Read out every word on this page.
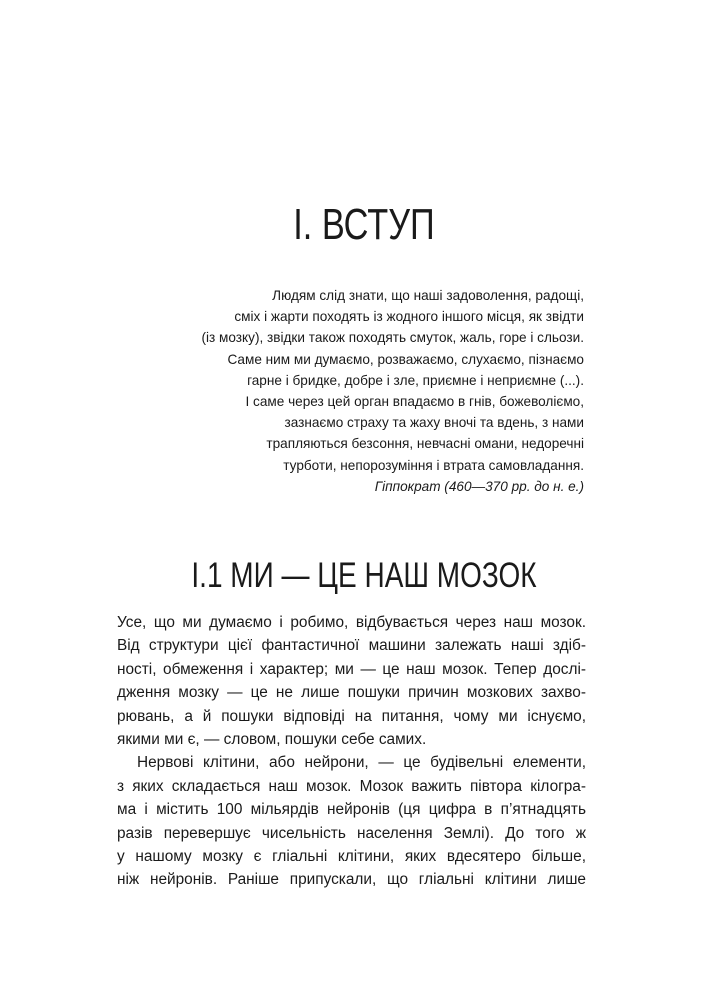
I. ВСТУП
Людям слід знати, що наші задоволення, радощі,
сміх і жарти походять із жодного іншого місця, як звідти
(із мозку), звідки також походять смуток, жаль, горе і сльози.
Саме ним ми думаємо, розважаємо, слухаємо, пізнаємо
гарне і бридке, добре і зле, приємне і неприємне (...).
І саме через цей орган впадаємо в гнів, божеволіємо,
зазнаємо страху та жаху вночі та вдень, з нами
трапляються безсоння, невчасні омани, недоречні
турботи, непорозуміння і втрата самовладання.
Гіппократ (460—370 рр. до н. е.)
I.1 МИ — ЦЕ НАШ МОЗОК
Усе, що ми думаємо і робимо, відбувається через наш мозок.
Від структури цієї фантастичної машини залежать наші здіб-
ності, обмеження і характер; ми — це наш мозок. Тепер дослі-
дження мозку — це не лише пошуки причин мозкових захво-
рювань, а й пошуки відповіді на питання, чому ми існуємо,
якими ми є, — словом, пошуки себе самих.
Нервові клітини, або нейрони, — це будівельні елементи,
з яких складається наш мозок. Мозок важить півтора кілогра-
ма і містить 100 мільярдів нейронів (ця цифра в п’ятнадцять
разів перевершує чисельність населення Землі). До того ж
у нашому мозку є гліальні клітини, яких вдесятеро більше,
ніж нейронів. Раніше припускали, що гліальні клітини лише
